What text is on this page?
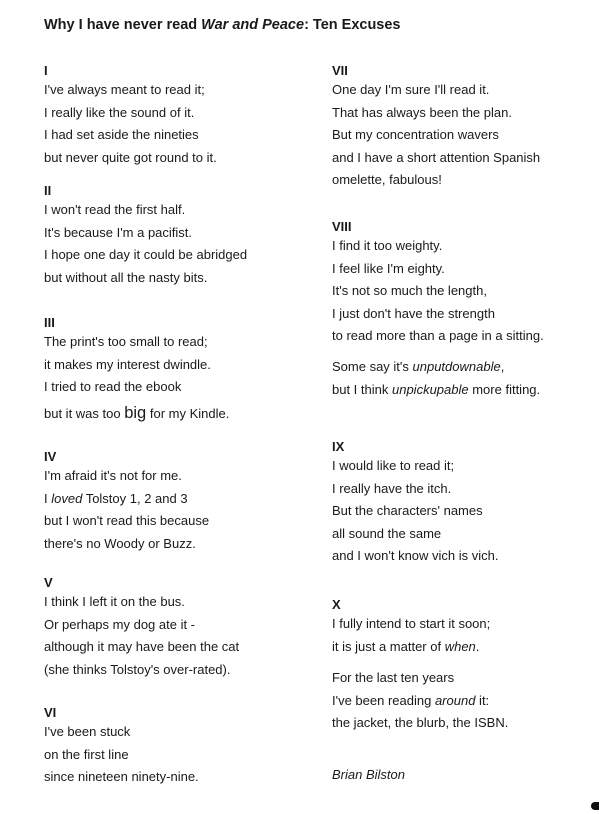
Why I have never read War and Peace: Ten Excuses
I
I've always meant to read it;
I really like the sound of it.
I had set aside the nineties
but never quite got round to it.
II
I won't read the first half.
It's because I'm a pacifist.
I hope one day it could be abridged
but without all the nasty bits.
III
The print's too small to read;
it makes my interest dwindle.
I tried to read the ebook
but it was too big for my Kindle.
IV
I'm afraid it's not for me.
I loved Tolstoy 1, 2 and 3
but I won't read this because
there's no Woody or Buzz.
V
I think I left it on the bus.
Or perhaps my dog ate it -
although it may have been the cat
(she thinks Tolstoy's over-rated).
VI
I've been stuck
on the first line
since nineteen ninety-nine.
VII
One day I'm sure I'll read it.
That has always been the plan.
But my concentration wavers
and I have a short attention Spanish
omelette, fabulous!
VIII
I find it too weighty.
I feel like I'm eighty.
It's not so much the length,
I just don't have the strength
to read more than a page in a sitting.
Some say it's unputdownable,
but I think unpickupable more fitting.
IX
I would like to read it;
I really have the itch.
But the characters' names
all sound the same
and I won't know vich is vich.
X
I fully intend to start it soon;
it is just a matter of when.
For the last ten years
I've been reading around it:
the jacket, the blurb, the ISBN.
Brian Bilston
